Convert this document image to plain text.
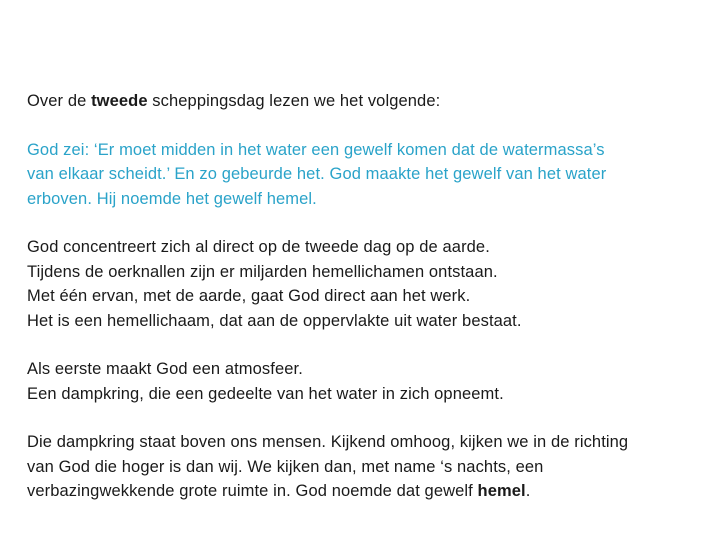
Over de tweede scheppingsdag lezen we het volgende:

God zei: ‘Er moet midden in het water een gewelf komen dat de watermassa’s
van elkaar scheidt.’ En zo gebeurde het. God maakte het gewelf van het water
erboven. Hij noemde het gewelf hemel.

God concentreert zich al direct op de tweede dag op de aarde.
Tijdens de oerknallen zijn er miljarden hemellichamen ontstaan.
Met één ervan, met de aarde, gaat God direct aan het werk.
Het is een hemellichaam, dat aan de oppervlakte uit water bestaat.

Als eerste maakt God een atmosfeer.
Een dampkring, die een gedeelte van het water in zich opneemt.

Die dampkring staat boven ons mensen. Kijkend omhoog, kijken we in de richting
van God die hoger is dan wij. We kijken dan, met name ‘s nachts, een
verbazingwekkende grote ruimte in. God noemde dat gewelf hemel.
